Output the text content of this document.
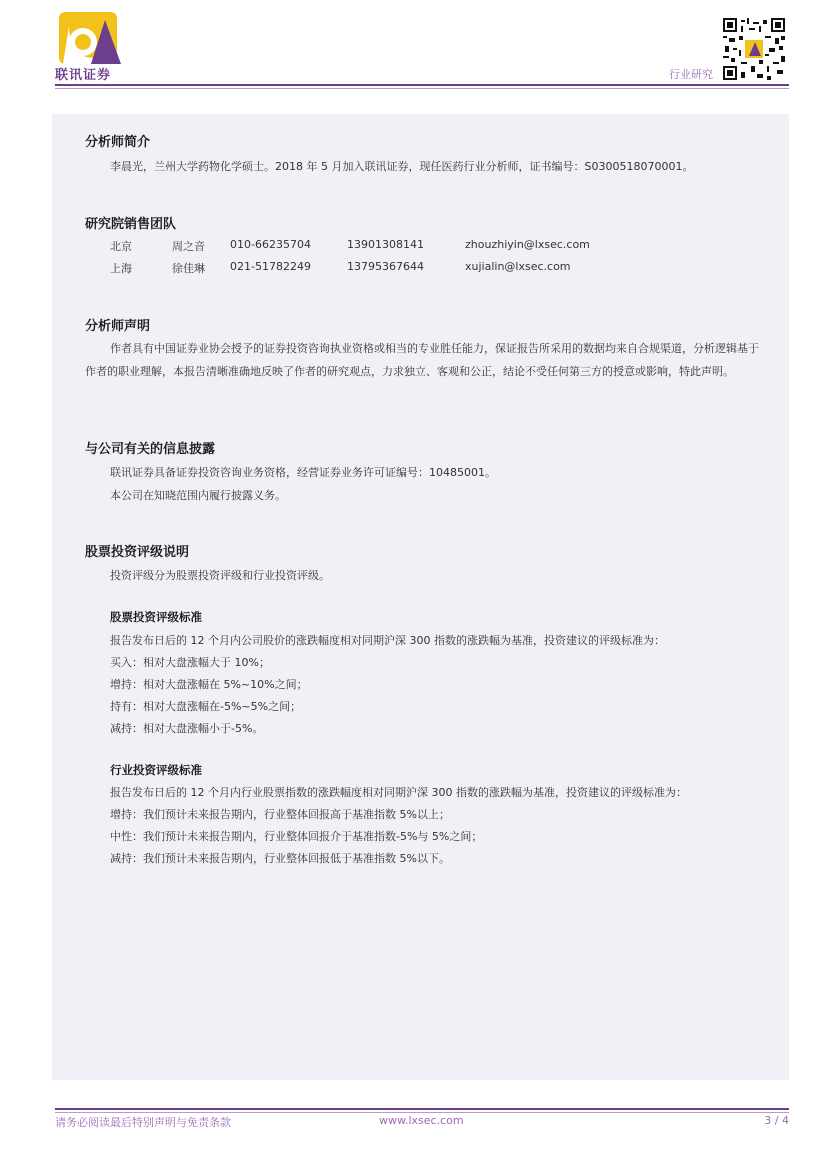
联讯证券	行业研究
分析师简介
李晨光，兰州大学药物化学硕士。2018 年 5 月加入联讯证券，现任医药行业分析师，证书编号：S0300518070001。
研究院销售团队
北京	周之音 010-66235704	13901308141	zhouzhiyin@lxsec.com
上海	徐佳琳 021-51782249	13795367644	xujialin@lxsec.com
分析师声明
作者具有中国证券业协会授予的证券投资咨询执业资格或相当的专业胜任能力，保证报告所采用的数据均来自合规渠道，分析逻辑基于作者的职业理解，本报告清晰准确地反映了作者的研究观点，力求独立、客观和公正，结论不受任何第三方的授意或影响，特此声明。
与公司有关的信息披露
联讯证券具备证券投资咨询业务资格，经营证券业务许可证编号：10485001。
本公司在知晓范围内履行披露义务。
股票投资评级说明
投资评级分为股票投资评级和行业投资评级。
股票投资评级标准
报告发布日后的 12 个月内公司股价的涨跌幅度相对同期沪深 300 指数的涨跌幅为基准，投资建议的评级标准为：
买入：相对大盘涨幅大于 10%；
增持：相对大盘涨幅在 5%~10%之间；
持有：相对大盘涨幅在-5%~5%之间；
减持：相对大盘涨幅小于-5%。
行业投资评级标准
报告发布日后的 12 个月内行业股票指数的涨跌幅度相对同期沪深 300 指数的涨跌幅为基准，投资建议的评级标准为：
增持：我们预计未来报告期内，行业整体回报高于基准指数 5%以上；
中性：我们预计未来报告期内，行业整体回报介于基准指数-5%与 5%之间；
减持：我们预计未来报告期内，行业整体回报低于基准指数 5%以下。
请务必阅读最后特别声明与免责条款	www.lxsec.com	3 / 4
